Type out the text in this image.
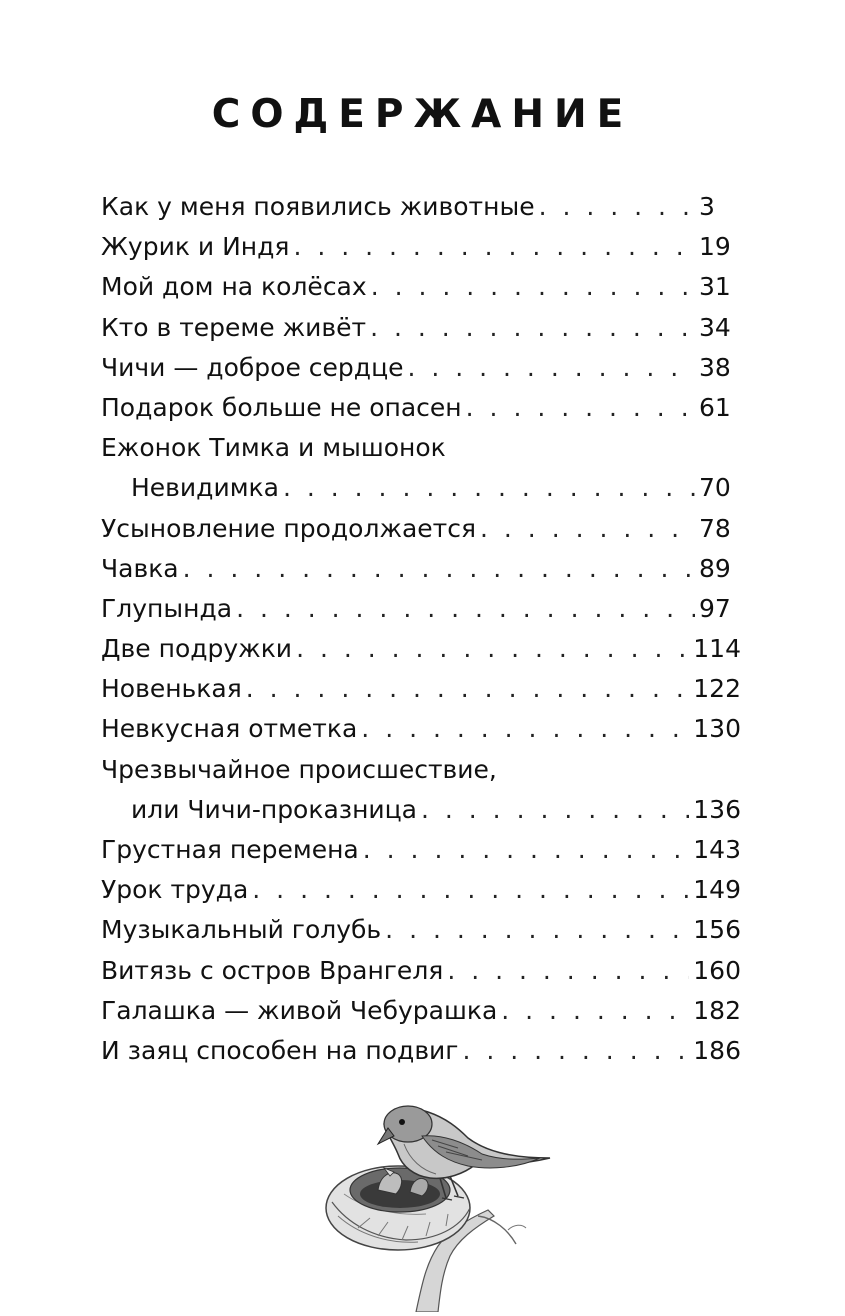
СОДЕРЖАНИЕ
Как у меня появились животные . . .	3
Журик и Индя . . .	19
Мой дом на колёсах . . .	31
Кто в тереме живёт . . .	34
Чичи — доброе сердце . . .	38
Подарок больше не опасен . . .	61
Ежонок Тимка и мышонок
Невидимка . . .	70
Усыновление продолжается . . .	78
Чавка . . .	89
Глупында . . .	97
Две подружки . . .	114
Новенькая . . .	122
Невкусная отметка . . .	130
Чрезвычайное происшествие,
или Чичи-проказница . . .	136
Грустная перемена . . .	143
Урок труда . . .	149
Музыкальный голубь . . .	156
Витязь с остров Врангеля . . .	160
Галашка — живой Чебурашка . . .	182
И заяц способен на подвиг . . .	186
